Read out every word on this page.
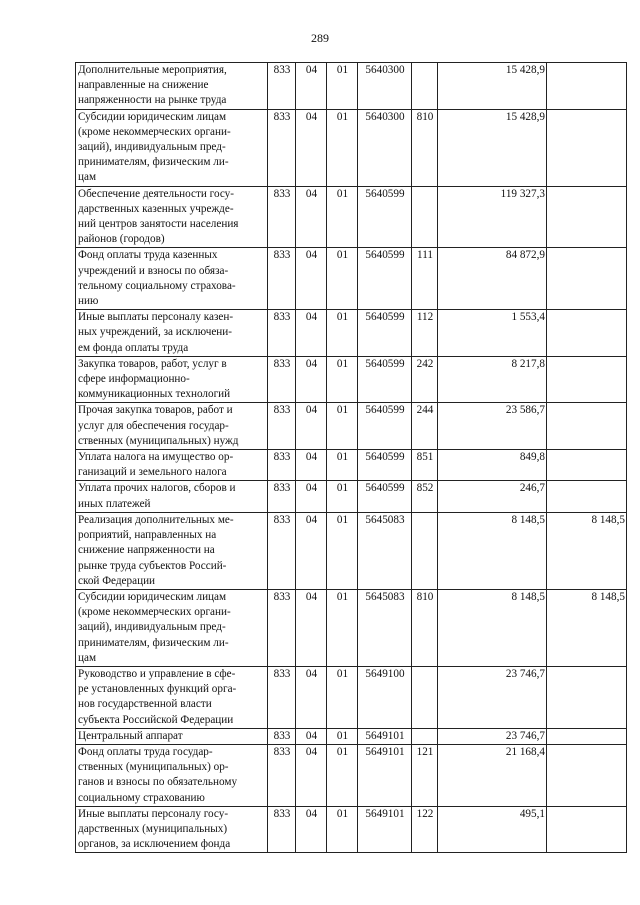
289
Дополнительные мероприятия,
направленные на снижение
напряженности на рынке труда	833	04	01	5640300		15 428,9	
Субсидии юридическим лицам
(кроме некоммерческих органи-
заций), индивидуальным пред-
принимателям, физическим ли-
цам	833	04	01	5640300	810	15 428,9	
Обеспечение деятельности госу-
дарственных казенных учрежде-
ний центров занятости населения
районов (городов)	833	04	01	5640599		119 327,3	
Фонд оплаты труда казенных
учреждений и взносы по обяза-
тельному социальному страхова-
нию	833	04	01	5640599	111	84 872,9	
Иные выплаты персоналу казен-
ных учреждений, за исключени-
ем фонда оплаты труда	833	04	01	5640599	112	1 553,4	
Закупка товаров, работ, услуг в
сфере информационно-
коммуникационных технологий	833	04	01	5640599	242	8 217,8	
Прочая закупка товаров, работ и
услуг для обеспечения государ-
ственных (муниципальных) нужд	833	04	01	5640599	244	23 586,7	
Уплата налога на имущество ор-
ганизаций и земельного налога	833	04	01	5640599	851	849,8	
Уплата прочих налогов, сборов и
иных платежей	833	04	01	5640599	852	246,7	
Реализация дополнительных ме-
роприятий, направленных на
снижение напряженности на
рынке труда субъектов Россий-
ской Федерации	833	04	01	5645083		8 148,5	8 148,5
Субсидии юридическим лицам
(кроме некоммерческих органи-
заций), индивидуальным пред-
принимателям, физическим ли-
цам	833	04	01	5645083	810	8 148,5	8 148,5
Руководство и управление в сфе-
ре установленных функций орга-
нов государственной власти
субъекта Российской Федерации	833	04	01	5649100		23 746,7	
Центральный аппарат	833	04	01	5649101		23 746,7	
Фонд оплаты труда государ-
ственных (муниципальных) ор-
ганов и взносы по обязательному
социальному страхованию	833	04	01	5649101	121	21 168,4	
Иные выплаты персоналу госу-
дарственных (муниципальных)
органов, за исключением фонда	833	04	01	5649101	122	495,1	
